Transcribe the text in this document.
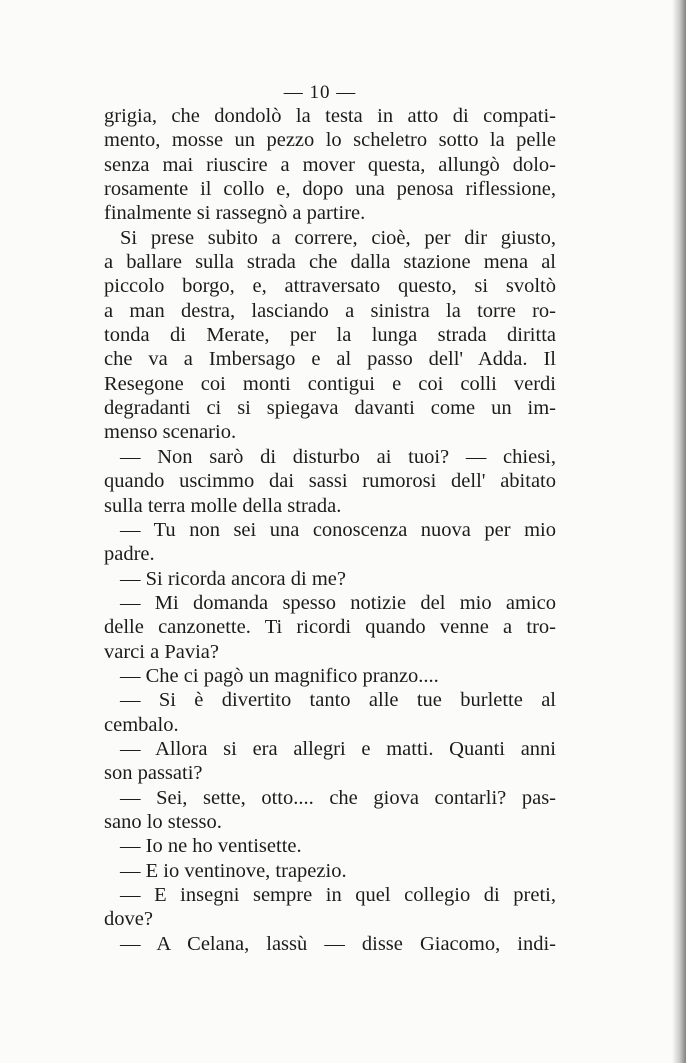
— 10 —
grigia, che dondolò la testa in atto di compati-
mento, mosse un pezzo lo scheletro sotto la pelle
senza mai riuscire a mover questa, allungò dolo-
rosamente il collo e, dopo una penosa riflessione,
finalmente si rassegnò a partire.
Si prese subito a correre, cioè, per dir giusto,
a ballare sulla strada che dalla stazione mena al
piccolo borgo, e, attraversato questo, si svoltò
a man destra, lasciando a sinistra la torre ro-
tonda di Merate, per la lunga strada diritta
che va a Imbersago e al passo dell' Adda. Il
Resegone coi monti contigui e coi colli verdi
degradanti ci si spiegava davanti come un im-
menso scenario.
— Non sarò di disturbo ai tuoi? — chiesi,
quando uscimmo dai sassi rumorosi dell' abitato
sulla terra molle della strada.
— Tu non sei una conoscenza nuova per mio
padre.
— Si ricorda ancora di me?
— Mi domanda spesso notizie del mio amico
delle canzonette. Ti ricordi quando venne a tro-
varci a Pavia?
— Che ci pagò un magnifico pranzo....
— Si è divertito tanto alle tue burlette al
cembalo.
— Allora si era allegri e matti. Quanti anni
son passati?
— Sei, sette, otto.... che giova contarli? pas-
sano lo stesso.
— Io ne ho ventisette.
— E io ventinove, trapezio.
— E insegni sempre in quel collegio di preti,
dove?
— A Celana, lassù — disse Giacomo, indi-
